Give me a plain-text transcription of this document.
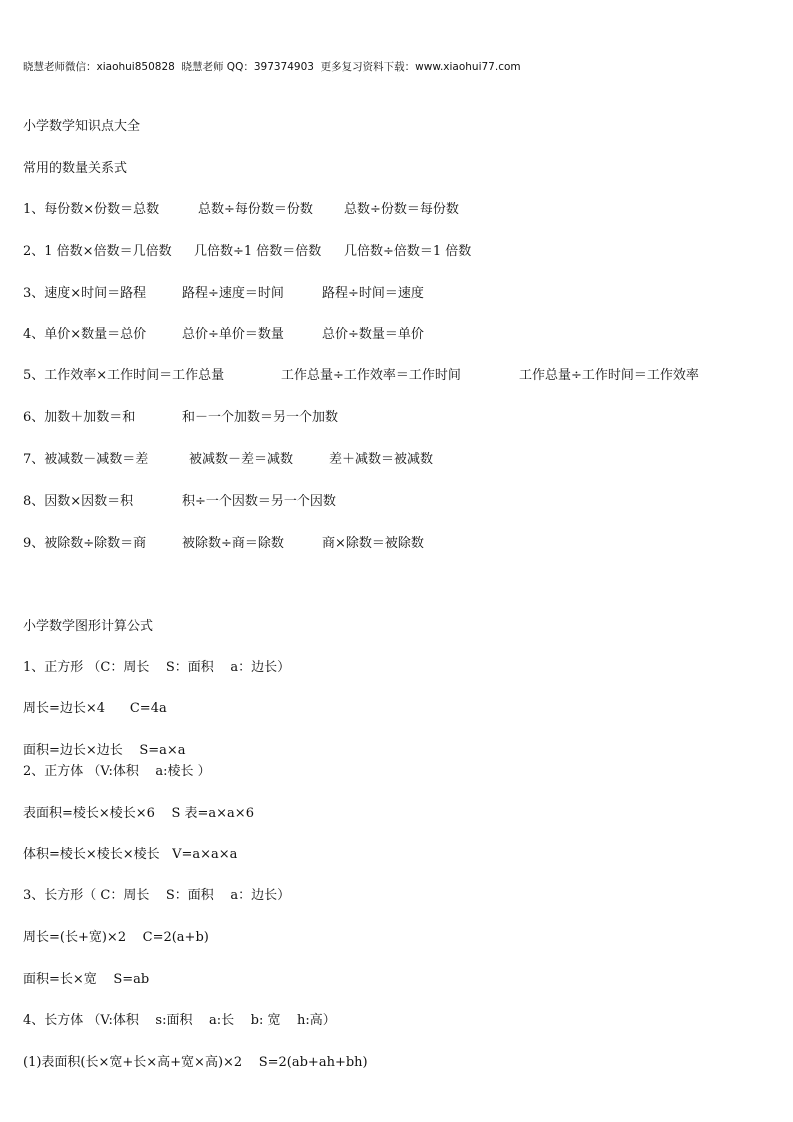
晓慧老师微信：xiaohui850828  晓慧老师 QQ：397374903  更多复习资料下载：www.xiaohui77.com
小学数学知识点大全
常用的数量关系式
1、每份数×份数＝总数	总数÷每份数＝份数 总数÷份数＝每份数
2、1 倍数×倍数＝几倍数 几倍数÷1 倍数＝倍数 几倍数÷倍数＝1 倍数
3、速度×时间＝路程	路程÷速度＝时间	路程÷时间＝速度
4、单价×数量＝总价	总价÷单价＝数量	总价÷数量＝单价
5、工作效率×工作时间＝工作总量	工作总量÷工作效率＝工作时间	工作总量÷工作时间＝工作效率
6、加数＋加数＝和	和－一个加数＝另一个加数
7、被减数－减数＝差	被减数－差＝减数	差＋减数＝被减数
8、因数×因数＝积	积÷一个因数＝另一个因数
9、被除数÷除数＝商	被除数÷商＝除数	商×除数＝被除数
小学数学图形计算公式
1、正方形 （C：周长    S：面积    a：边长）
周长=边长×4      C=4a
面积=边长×边长    S=a×a
2、正方体 （V:体积    a:棱长 ）
表面积=棱长×棱长×6    S 表=a×a×6
体积=棱长×棱长×棱长   V=a×a×a
3、长方形（ C：周长    S：面积    a：边长）
周长=(长+宽)×2    C=2(a+b)
面积=长×宽    S=ab
4、长方体 （V:体积    s:面积    a:长    b: 宽    h:高）
(1)表面积(长×宽+长×高+宽×高)×2    S=2(ab+ah+bh)
